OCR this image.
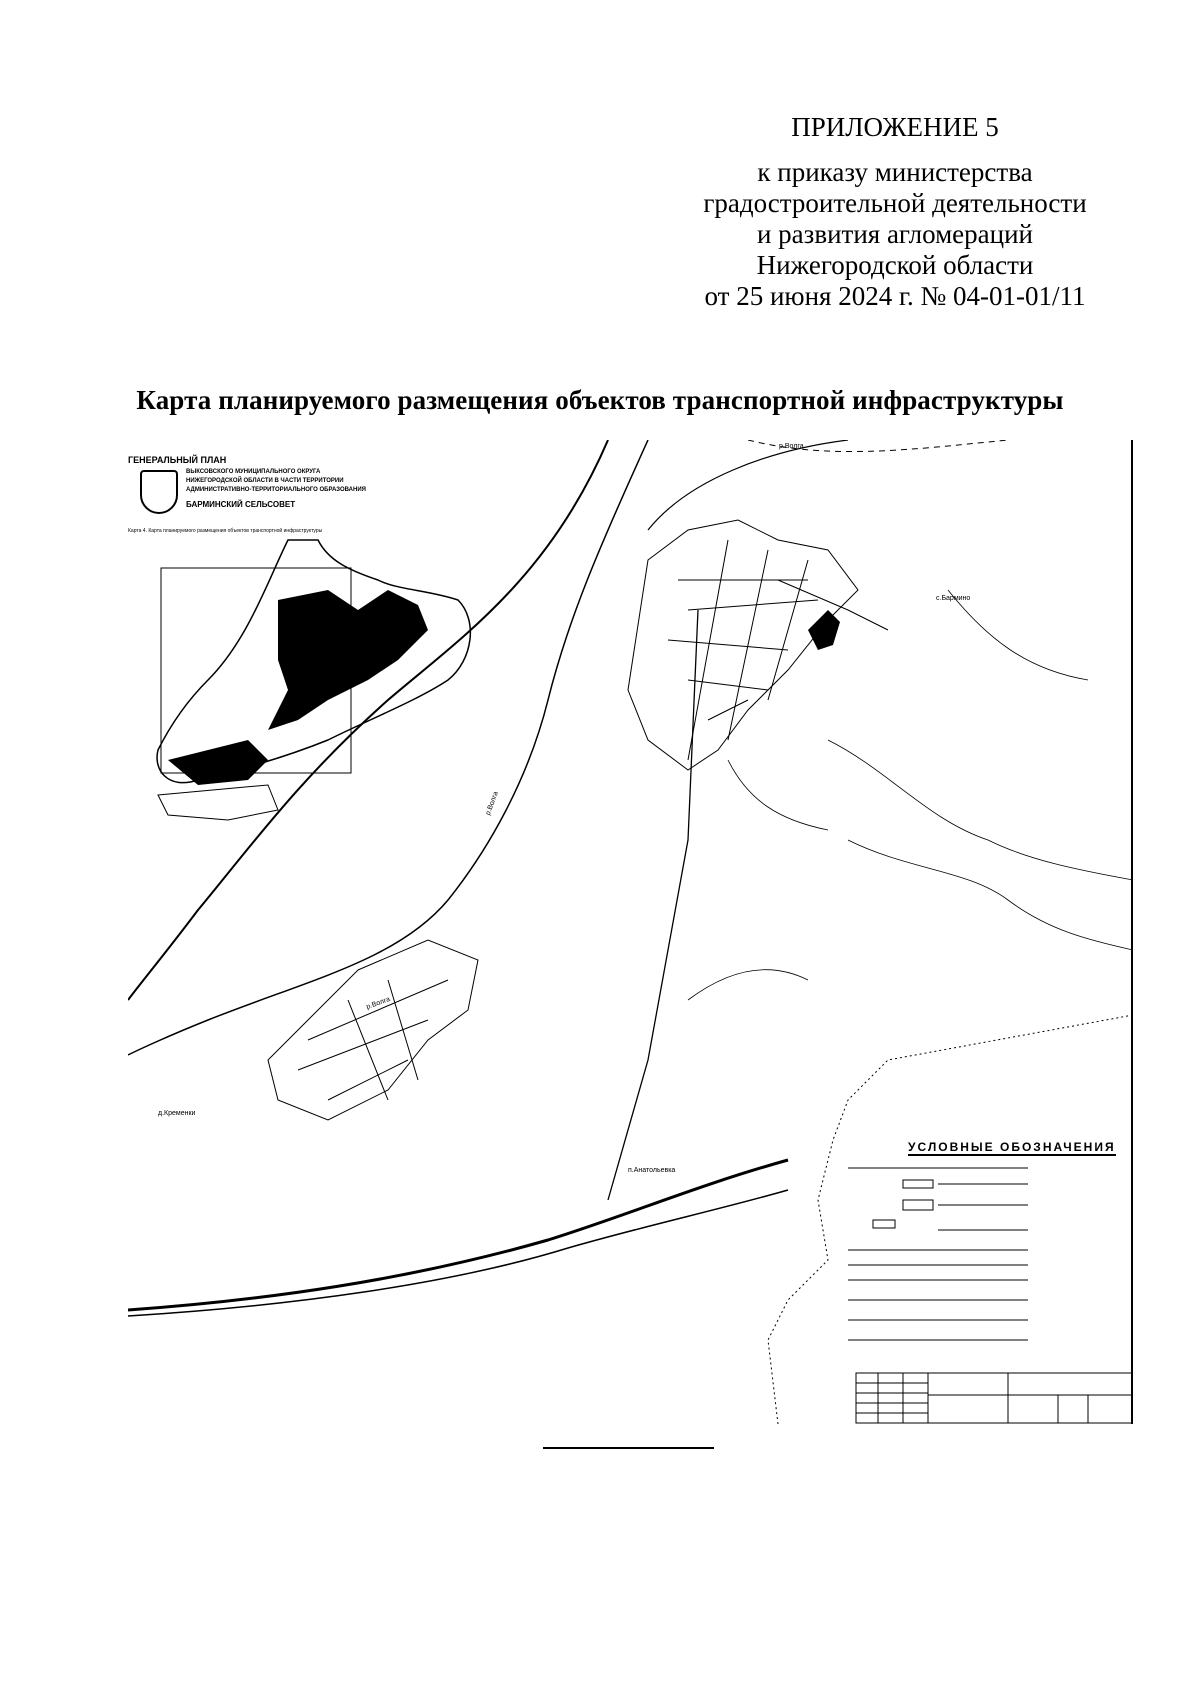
ПРИЛОЖЕНИЕ 5
к приказу министерства
градостроительной деятельности
и развития агломераций
Нижегородской области
от 25 июня 2024 г. № 04-01-01/11
Карта планируемого размещения объектов транспортной инфраструктуры
ГЕНЕРАЛЬНЫЙ ПЛАН
ВЫКСОВСКОГО МУНИЦИПАЛЬНОГО ОКРУГА
НИЖЕГОРОДСКОЙ ОБЛАСТИ В ЧАСТИ ТЕРРИТОРИИ
АДМИНИСТРАТИВНО-ТЕРРИТОРИАЛЬНОГО ОБРАЗОВАНИЯ
БАРМИНСКИЙ СЕЛЬСОВЕТ
Карта 4. Карта планируемого размещения объектов транспортной инфраструктуры
УСЛОВНЫЕ ОБОЗНАЧЕНИЯ
с.Бармино
д.Кременки
п.Анатольевка
р.Волга
р.Волга
р.Волга
